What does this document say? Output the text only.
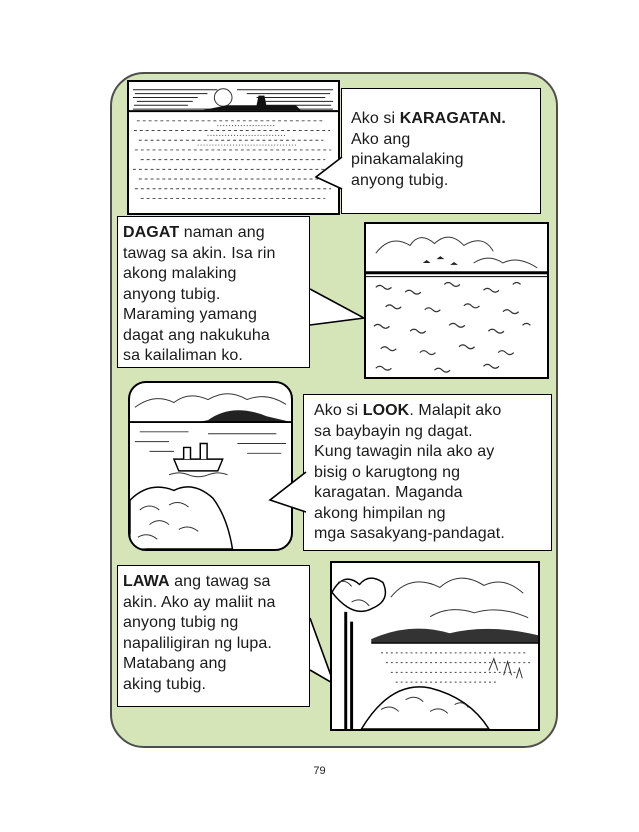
Ako si KARAGATAN.
Ako ang
pinakamalaking
anyong tubig.
DAGAT naman ang
tawag sa akin. Isa rin
akong malaking
anyong tubig.
Maraming yamang
dagat ang nakukuha
sa kailaliman ko.
Ako si LOOK. Malapit ako
sa baybayin ng dagat.
Kung tawagin nila ako ay
bisig o karugtong ng
karagatan. Maganda
akong himpilan ng
mga sasakyang-pandagat.
LAWA ang tawag sa
akin. Ako ay maliit na
anyong tubig ng
napaliligiran ng lupa.
Matabang ang
aking tubig.
79
